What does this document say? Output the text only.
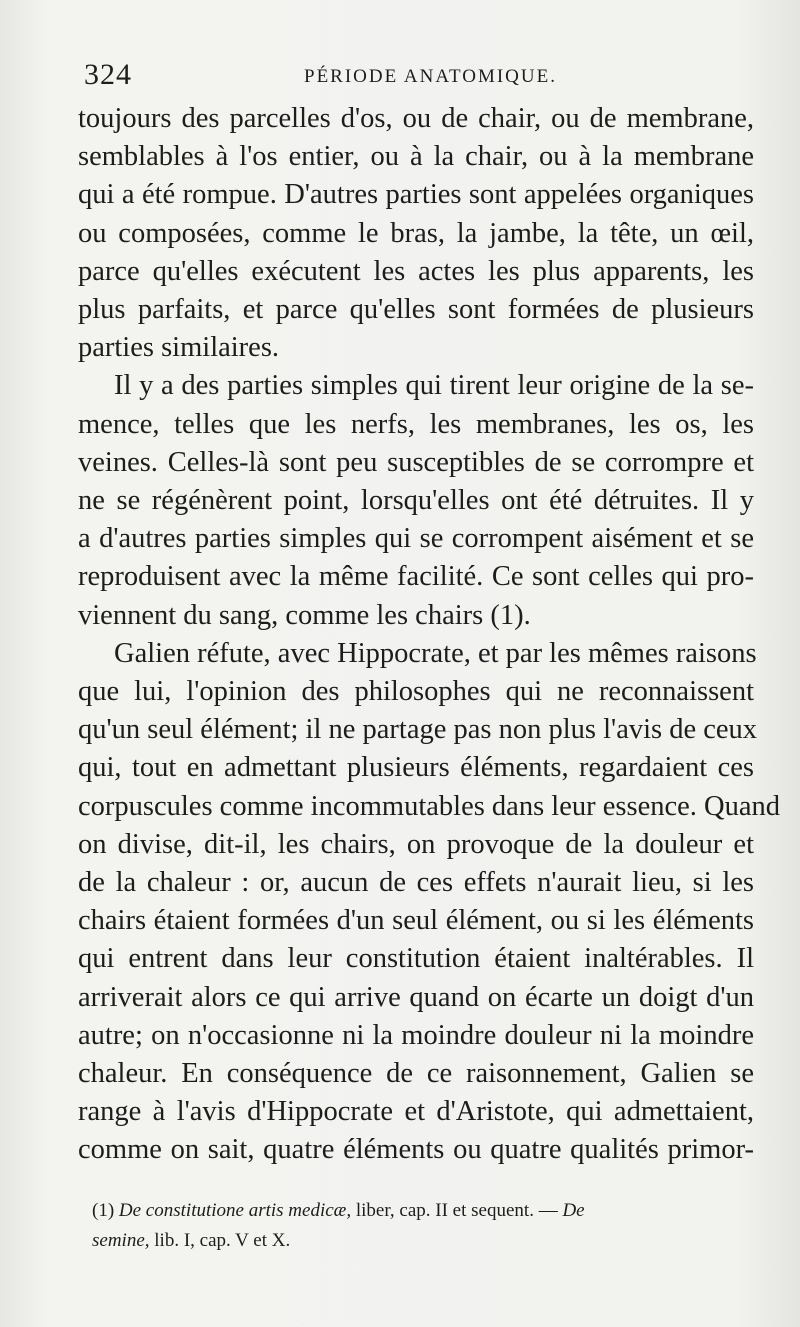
324	PÉRIODE ANATOMIQUE.
toujours des parcelles d'os, ou de chair, ou de membrane,
semblables à l'os entier, ou à la chair, ou à la membrane
qui a été rompue. D'autres parties sont appelées organiques
ou composées, comme le bras, la jambe, la tête, un œil,
parce qu'elles exécutent les actes les plus apparents, les
plus parfaits, et parce qu'elles sont formées de plusieurs
parties similaires.
Il y a des parties simples qui tirent leur origine de la se-
mence, telles que les nerfs, les membranes, les os, les
veines. Celles-là sont peu susceptibles de se corrompre et
ne se régénèrent point, lorsqu'elles ont été détruites. Il y
a d'autres parties simples qui se corrompent aisément et se
reproduisent avec la même facilité. Ce sont celles qui pro-
viennent du sang, comme les chairs (1).
Galien réfute, avec Hippocrate, et par les mêmes raisons
que lui, l'opinion des philosophes qui ne reconnaissent
qu'un seul élément; il ne partage pas non plus l'avis de ceux
qui, tout en admettant plusieurs éléments, regardaient ces
corpuscules comme incommutables dans leur essence. Quand
on divise, dit-il, les chairs, on provoque de la douleur et
de la chaleur : or, aucun de ces effets n'aurait lieu, si les
chairs étaient formées d'un seul élément, ou si les éléments
qui entrent dans leur constitution étaient inaltérables. Il
arriverait alors ce qui arrive quand on écarte un doigt d'un
autre; on n'occasionne ni la moindre douleur ni la moindre
chaleur. En conséquence de ce raisonnement, Galien se
range à l'avis d'Hippocrate et d'Aristote, qui admettaient,
comme on sait, quatre éléments ou quatre qualités primor-
(1) De constitutione artis medicæ, liber, cap. II et sequent. — De
semine, lib. I, cap. V et X.
